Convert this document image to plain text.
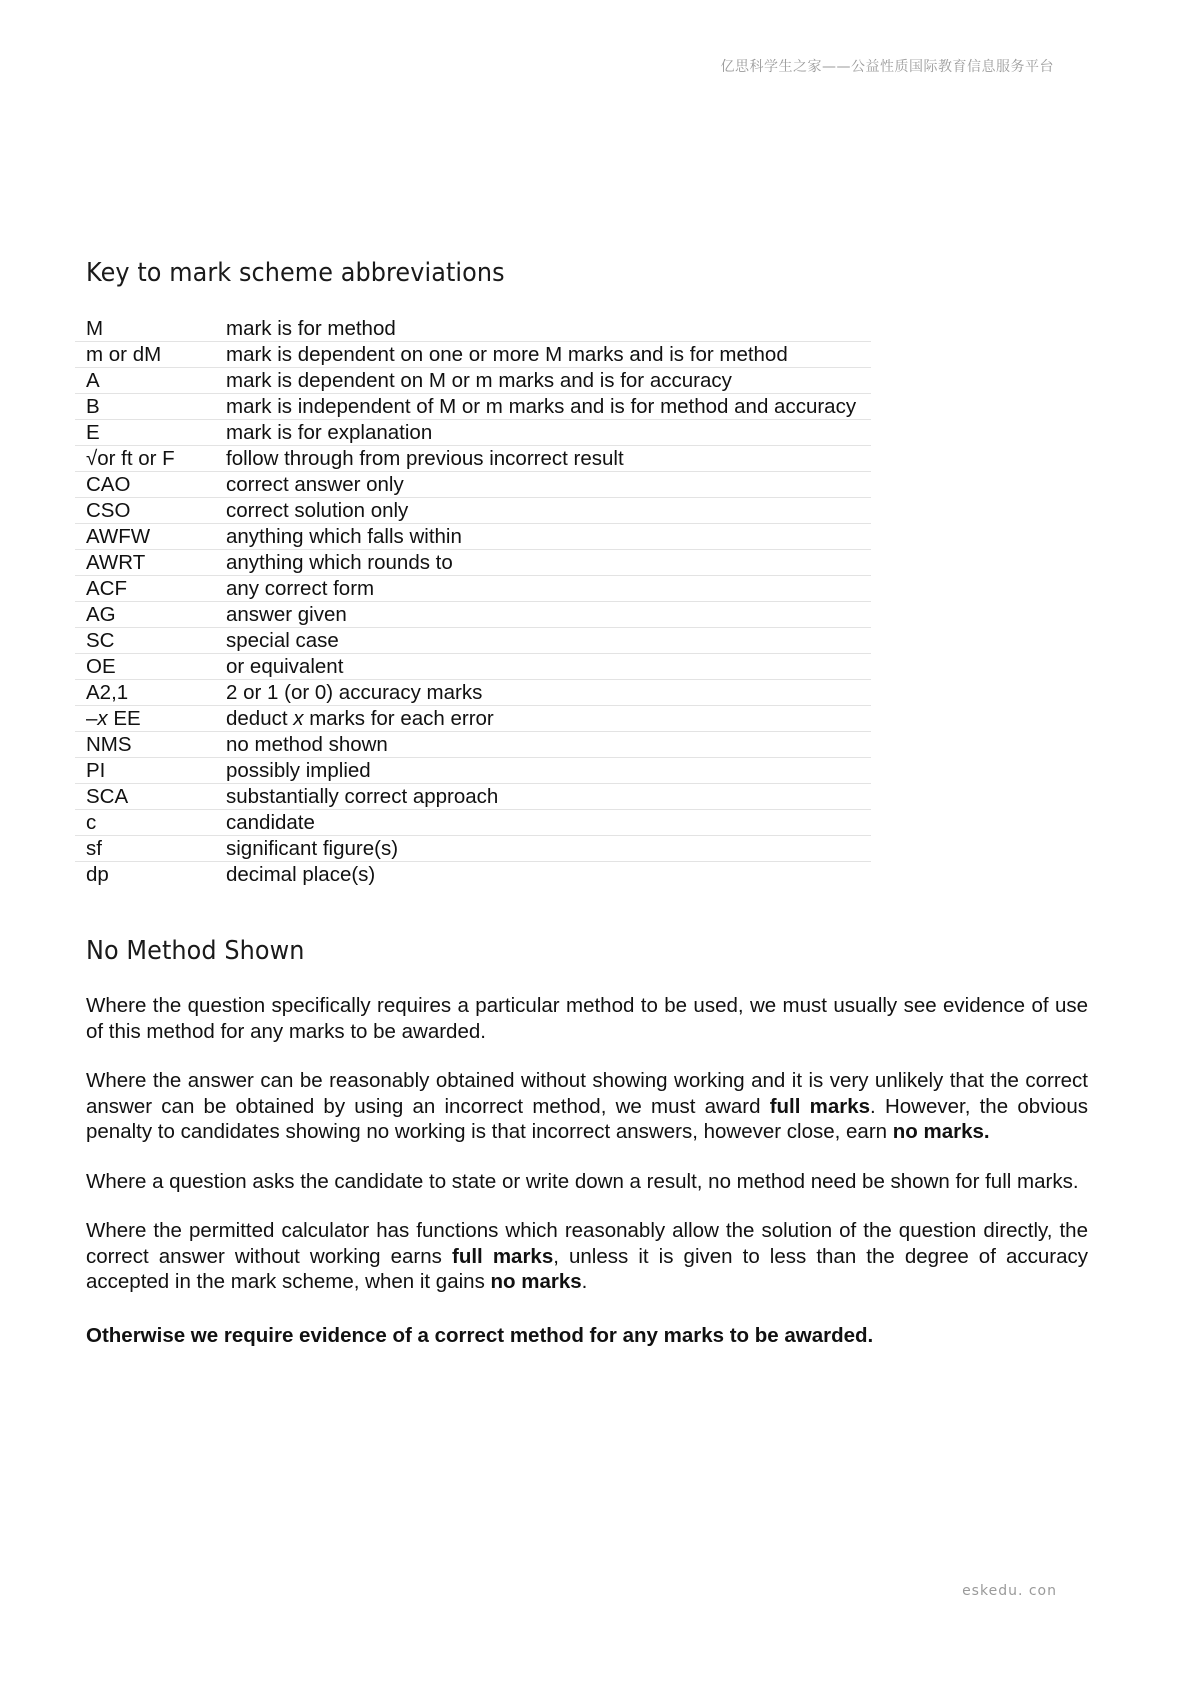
亿思科学生之家——公益性质国际教育信息服务平台
Key to mark scheme abbreviations
M	mark is for method
m or dM	mark is dependent on one or more M marks and is for method
A	mark is dependent on M or m marks and is for accuracy
B	mark is independent of M or m marks and is for method and accuracy
E	mark is for explanation
√or ft or F	follow through from previous incorrect result
CAO	correct answer only
CSO	correct solution only
AWFW	anything which falls within
AWRT	anything which rounds to
ACF	any correct form
AG	answer given
SC	special case
OE	or equivalent
A2,1	2 or 1 (or 0) accuracy marks
–x EE	deduct x marks for each error
NMS	no method shown
PI	possibly implied
SCA	substantially correct approach
c	candidate
sf	significant figure(s)
dp	decimal place(s)
No Method Shown

Where the question specifically requires a particular method to be used, we must usually see evidence of use of this method for any marks to be awarded.

Where the answer can be reasonably obtained without showing working and it is very unlikely that the correct answer can be obtained by using an incorrect method, we must award full marks. However, the obvious penalty to candidates showing no working is that incorrect answers, however close, earn no marks.

Where a question asks the candidate to state or write down a result, no method need be shown for full marks.

Where the permitted calculator has functions which reasonably allow the solution of the question directly, the correct answer without working earns full marks, unless it is given to less than the degree of accuracy accepted in the mark scheme, when it gains no marks.

Otherwise we require evidence of a correct method for any marks to be awarded.

eskedu. con
